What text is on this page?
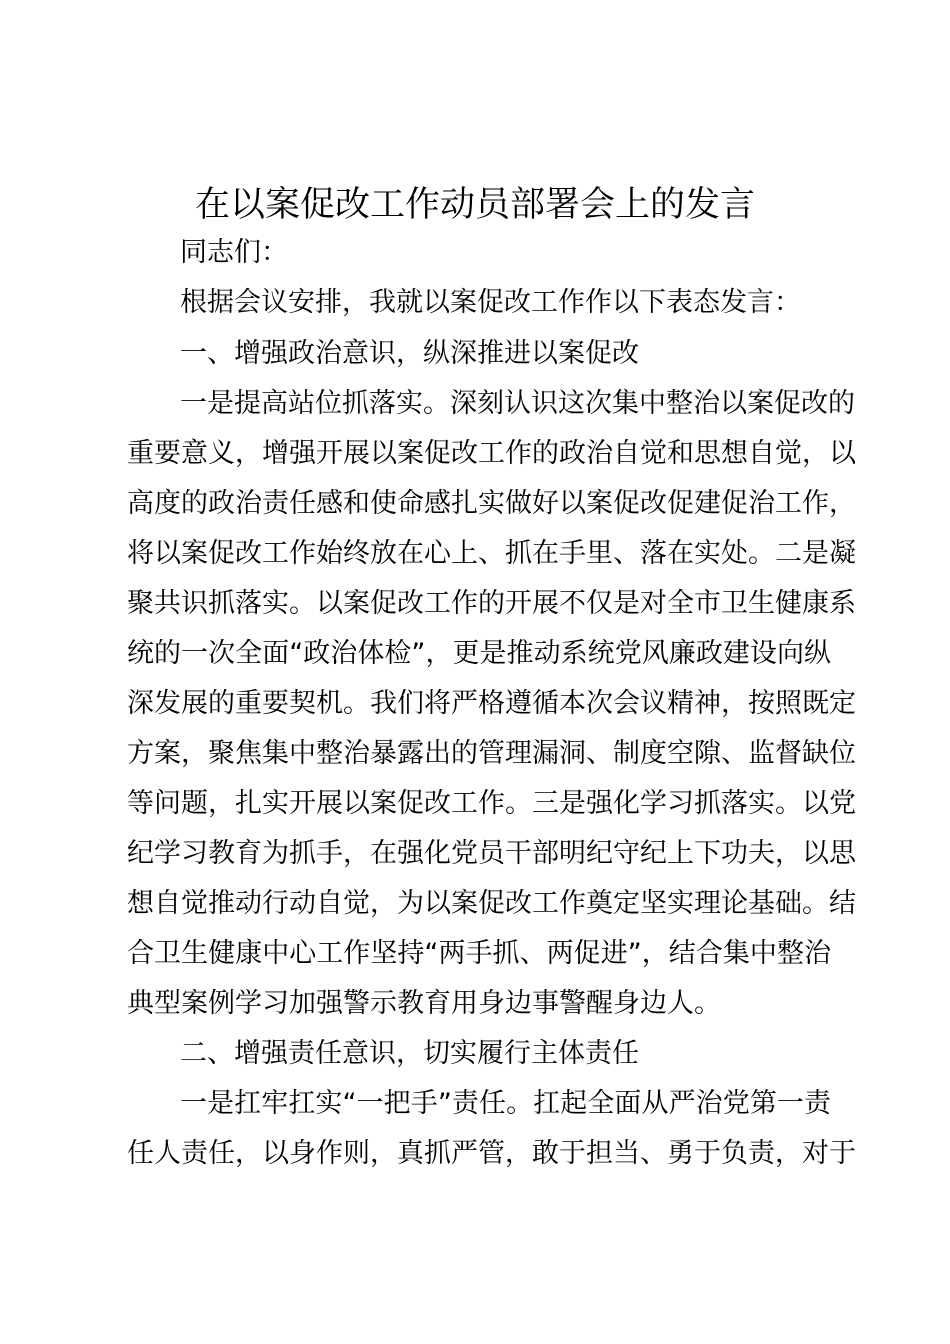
在以案促改工作动员部署会上的发言

同志们：

根据会议安排，我就以案促改工作作以下表态发言：

一、增强政治意识，纵深推进以案促改

一是提高站位抓落实。深刻认识这次集中整治以案促改的

重要意义，增强开展以案促改工作的政治自觉和思想自觉，以

高度的政治责任感和使命感扎实做好以案促改促建促治工作，

将以案促改工作始终放在心上、抓在手里、落在实处。二是凝

聚共识抓落实。以案促改工作的开展不仅是对全市卫生健康系

统的一次全面“政治体检”，更是推动系统党风廉政建设向纵

深发展的重要契机。我们将严格遵循本次会议精神，按照既定

方案，聚焦集中整治暴露出的管理漏洞、制度空隙、监督缺位

等问题，扎实开展以案促改工作。三是强化学习抓落实。以党

纪学习教育为抓手，在强化党员干部明纪守纪上下功夫，以思

想自觉推动行动自觉，为以案促改工作奠定坚实理论基础。结

合卫生健康中心工作坚持“两手抓、两促进”，结合集中整治

典型案例学习加强警示教育用身边事警醒身边人。

二、增强责任意识，切实履行主体责任

一是扛牢扛实“一把手”责任。扛起全面从严治党第一责

任人责任，以身作则，真抓严管，敢于担当、勇于负责，对于
